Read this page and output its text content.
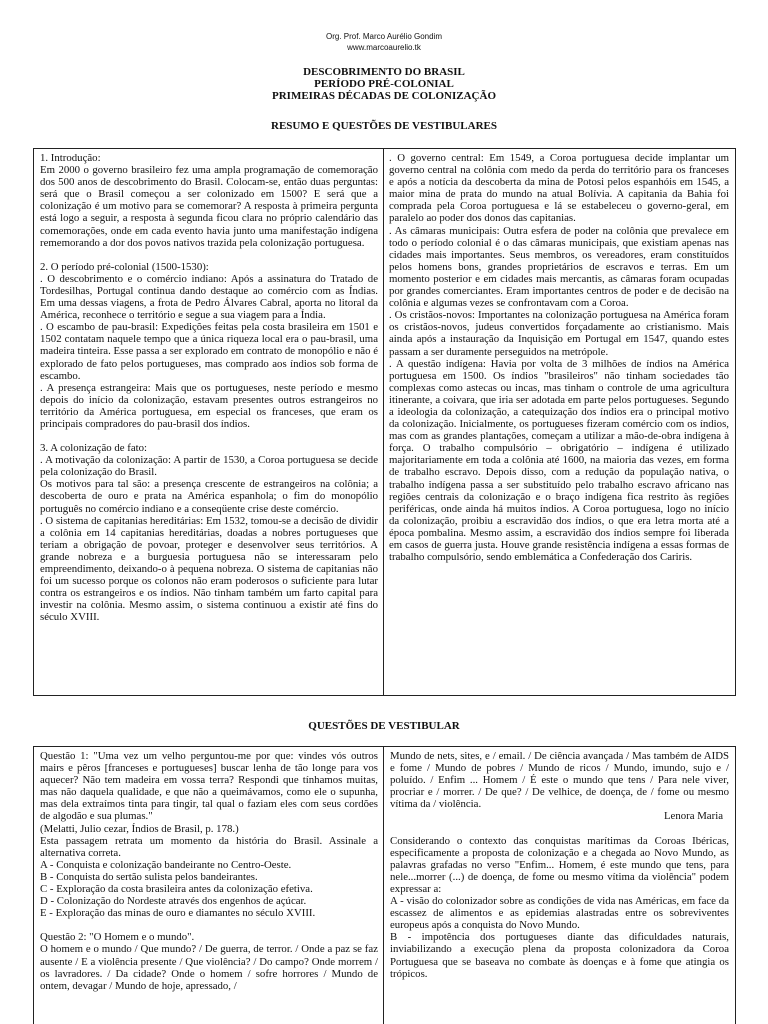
Org. Prof. Marco Aurélio Gondim
www.marcoaurelio.tk
DESCOBRIMENTO DO BRASIL
PERÍODO PRÉ-COLONIAL
PRIMEIRAS DÉCADAS DE COLONIZAÇÃO
RESUMO E QUESTÕES DE VESTIBULARES

1. Introdução:

Em 2000 o governo brasileiro fez uma ampla programação de comemoração dos 500 anos de descobrimento do Brasil. Colocam-se, então duas perguntas: será que o Brasil começou a ser colonizado em 1500? E será que a colonização é um motivo para se comemorar? A resposta à primeira pergunta está logo a seguir, a resposta à segunda ficou clara no próprio calendário das comemorações, onde em cada evento havia junto uma manifestação indígena rememorando a dor dos povos nativos trazida pela colonização portuguesa.

2. O período pré-colonial (1500-1530):

. O descobrimento e o comércio indiano: Após a assinatura do Tratado de Tordesilhas, Portugal continua dando destaque ao comércio com as Índias. Em uma dessas viagens, a frota de Pedro Álvares Cabral, aporta no litoral da América, reconhece o território e segue a sua viagem para a Índia.

. O escambo de pau-brasil: Expedições feitas pela costa brasileira em 1501 e 1502 contatam naquele tempo que a única riqueza local era o pau-brasil, uma madeira tinteira. Esse passa a ser explorado em contrato de monopólio e não é explorado de fato pelos portugueses, mas comprado aos índios sob forma de escambo.

. A presença estrangeira: Mais que os portugueses, neste período e mesmo depois do início da colonização, estavam presentes outros estrangeiros no território da América portuguesa, em especial os franceses, que eram os principais compradores do pau-brasil dos índios.

3. A colonização de fato:

. A motivação da colonização: A partir de 1530, a Coroa portuguesa se decide pela colonização do Brasil.

Os motivos para tal são: a presença crescente de estrangeiros na colônia; a descoberta de ouro e prata na América espanhola; o fim do monopólio português no comércio indiano e a conseqüente crise deste comércio.

. O sistema de capitanias hereditárias: Em 1532, tomou-se a decisão de dividir a colônia em 14 capitanias hereditárias, doadas a nobres portugueses que teriam a obrigação de povoar, proteger e desenvolver seus territórios. A grande nobreza e a burguesia portuguesa não se interessaram pelo empreendimento, deixando-o à pequena nobreza. O sistema de capitanias não foi um sucesso porque os colonos não eram poderosos o suficiente para lutar contra os estrangeiros e os índios. Não tinham também um farto capital para investir na colônia. Mesmo assim, o sistema continuou a existir até fins do século XVIII.

. O governo central: Em 1549, a Coroa portuguesa decide implantar um governo central na colônia com medo da perda do território para os franceses e após a notícia da descoberta da mina de Potosi pelos espanhóis em 1545, a maior mina de prata do mundo na atual Bolívia. A capitania da Bahia foi comprada pela Coroa portuguesa e lá se estabeleceu o governo-geral, em paralelo ao poder dos donos das capitanias.

. As câmaras municipais: Outra esfera de poder na colônia que prevalece em todo o período colonial é o das câmaras municipais, que existiam apenas nas cidades mais importantes. Seus membros, os vereadores, eram constituídos pelos homens bons, grandes proprietários de escravos e terras. Em um momento posterior e em cidades mais mercantis, as câmaras foram ocupadas por grandes comerciantes. Eram importantes centros de poder e de decisão na colônia e algumas vezes se confrontavam com a Coroa.

. Os cristãos-novos: Importantes na colonização portuguesa na América foram os cristãos-novos, judeus convertidos forçadamente ao cristianismo. Mais ainda após a instauração da Inquisição em Portugal em 1547, quando estes passam a ser duramente perseguidos na metrópole.

. A questão indígena: Havia por volta de 3 milhões de índios na América portuguesa em 1500. Os índios "brasileiros" não tinham sociedades tão complexas como astecas ou incas, mas tinham o controle de uma agricultura itinerante, a coivara, que iria ser adotada em parte pelos portugueses. Segundo a ideologia da colonização, a catequização dos índios era o principal motivo da colonização. Inicialmente, os portugueses fizeram comércio com os índios, mas com as grandes plantações, começam a utilizar a mão-de-obra indígena à força. O trabalho compulsório – obrigatório – indígena é utilizado majoritariamente em toda a colônia até 1600, na maioria das vezes, em forma de trabalho escravo. Depois disso, com a redução da população nativa, o trabalho indígena passa a ser substituído pelo trabalho escravo africano nas regiões centrais da colonização e o braço indígena fica restrito às regiões periféricas, onde ainda há muitos índios. A Coroa portuguesa, logo no início da colonização, proibiu a escravidão dos índios, o que era letra morta até a época pombalina. Mesmo assim, a escravidão dos índios sempre foi liberada em casos de guerra justa. Houve grande resistência indígena a essas formas de trabalho compulsório, sendo emblemática a Confederação dos Cariris.

QUESTÕES DE VESTIBULAR

Questão 1: "Uma vez um velho perguntou-me por que: vindes vós outros mairs e pêros [franceses e portugueses] buscar lenha de tão longe para vos aquecer? Não tem madeira em vossa terra? Respondi que tínhamos muitas, mas não daquela qualidade, e que não a queimávamos, como ele o supunha, mas dela extraímos tinta para tingir, tal qual o faziam eles com seus cordões de algodão e sua plumas."

(Melatti, Julio cezar, Índios de Brasil, p. 178.)

Esta passagem retrata um momento da história do Brasil. Assinale a alternativa correta.

A - Conquista e colonização bandeirante no Centro-Oeste.

B - Conquista do sertão sulista pelos bandeirantes.

C - Exploração da costa brasileira antes da colonização efetiva.

D - Colonização do Nordeste através dos engenhos de açúcar.

E - Exploração das minas de ouro e diamantes no século XVIII.

Questão 2: "O Homem e o mundo".

O homem e o mundo / Que mundo? / De guerra, de terror. / Onde a paz se faz ausente / E a violência presente / Que violência? / Do campo? Onde morrem / os lavradores. / Da cidade? Onde o homem / sofre horrores / Mundo de ontem, devagar / Mundo de hoje, apressado, /

Mundo de nets, sites, e / email. / De ciência avançada / Mas também de AIDS e fome / Mundo de pobres / Mundo de ricos / Mundo, imundo, sujo e / poluído. / Enfim ... Homem / É este o mundo que tens / Para nele viver, procriar e / morrer. / De que? / De velhice, de doença, de / fome ou mesmo vítima da / violência.

Lenora Maria

Considerando o contexto das conquistas marítimas da Coroas Ibéricas, especificamente a proposta de colonização e a chegada ao Novo Mundo, as palavras grafadas no verso "Enfim... Homem, é este mundo que tens, para nele...morrer (...) de doença, de fome ou mesmo vítima da violência" podem expressar a:

A - visão do colonizador sobre as condições de vida nas Américas, em face da escassez de alimentos e as epidemias alastradas entre os sobreviventes europeus após a conquista do Novo Mundo.

B - impotência dos portugueses diante das dificuldades naturais, inviabilizando a execução plena da proposta colonizadora da Coroa Portuguesa que se baseava no combate às doenças e à fome que atingia os trópicos.
